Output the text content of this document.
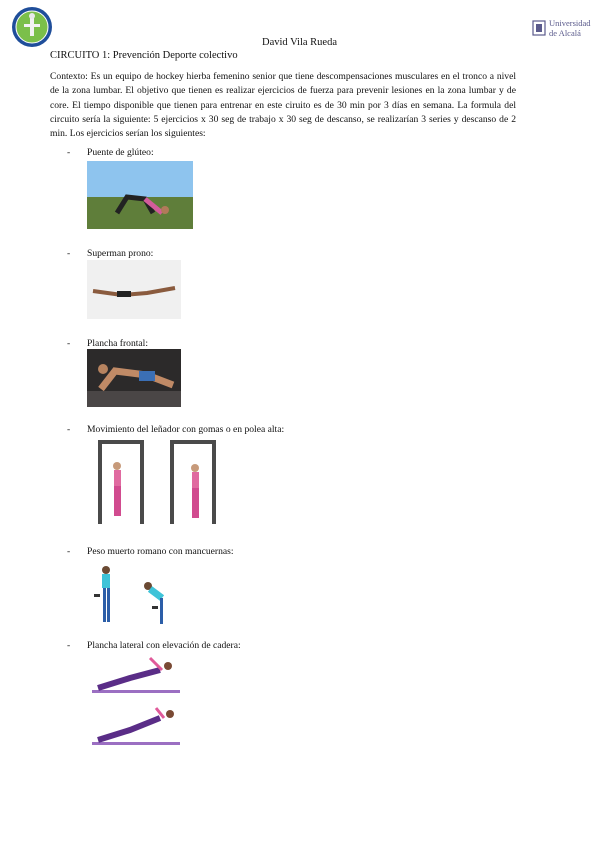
Universidad
de Alcalá
David Vila Rueda
CIRCUITO 1: Prevención Deporte colectivo
Contexto: Es un equipo de hockey hierba femenino senior que tiene descompensaciones musculares en el tronco a nivel de la zona lumbar. El objetivo que tienen es realizar ejercicios de fuerza para prevenir lesiones en la zona lumbar y de core. El tiempo disponible que tienen para entrenar en este ciruito es de 30 min por 3 días en semana. La formula del circuito sería la siguiente: 5 ejercicios x 30 seg de trabajo x 30 seg de descanso, se realizarían 3 series y descanso de 2 min. Los ejercicios serían los siguientes:
- Puente de glúteo:
- Superman prono:
- Plancha frontal:
- Movimiento del leñador con gomas o en polea alta:
- Peso muerto romano con mancuernas:
- Plancha lateral con elevación de cadera:
